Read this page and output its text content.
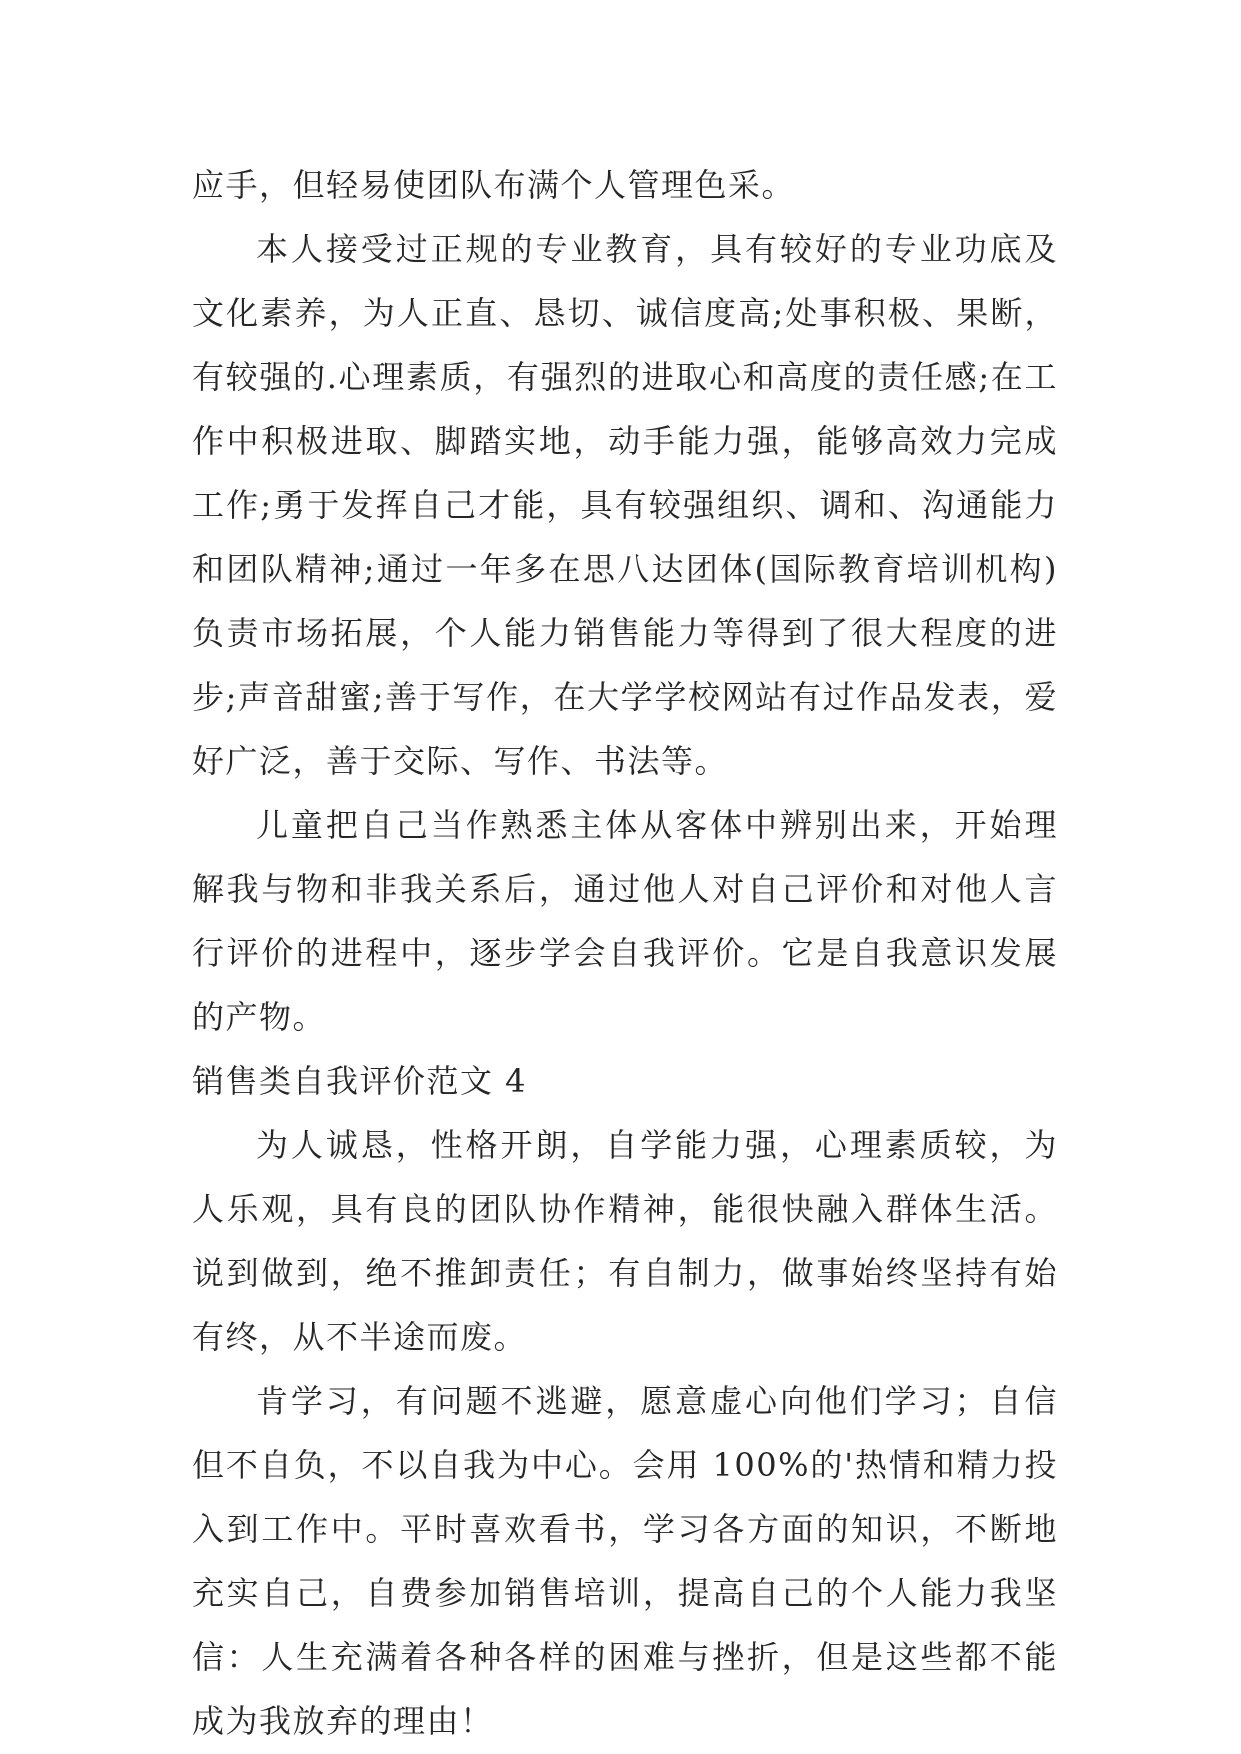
应手，但轻易使团队布满个人管理色采。

本人接受过正规的专业教育，具有较好的专业功底及文化素养，为人正直、恳切、诚信度高;处事积极、果断，有较强的.心理素质，有强烈的进取心和高度的责任感;在工作中积极进取、脚踏实地，动手能力强，能够高效力完成工作;勇于发挥自己才能，具有较强组织、调和、沟通能力和团队精神;通过一年多在思八达团体(国际教育培训机构)负责市场拓展，个人能力销售能力等得到了很大程度的进步;声音甜蜜;善于写作，在大学学校网站有过作品发表，爱好广泛，善于交际、写作、书法等。

儿童把自己当作熟悉主体从客体中辨别出来，开始理解我与物和非我关系后，通过他人对自己评价和对他人言行评价的进程中，逐步学会自我评价。它是自我意识发展的产物。

销售类自我评价范文 4

为人诚恳，性格开朗，自学能力强，心理素质较，为人乐观，具有良的团队协作精神，能很快融入群体生活。说到做到，绝不推卸责任；有自制力，做事始终坚持有始有终，从不半途而废。

肯学习，有问题不逃避，愿意虚心向他们学习；自信但不自负，不以自我为中心。会用 100%的'热情和精力投入到工作中。平时喜欢看书，学习各方面的知识，不断地充实自己，自费参加销售培训，提高自己的个人能力我坚信：人生充满着各种各样的困难与挫折，但是这些都不能成为我放弃的理由！
